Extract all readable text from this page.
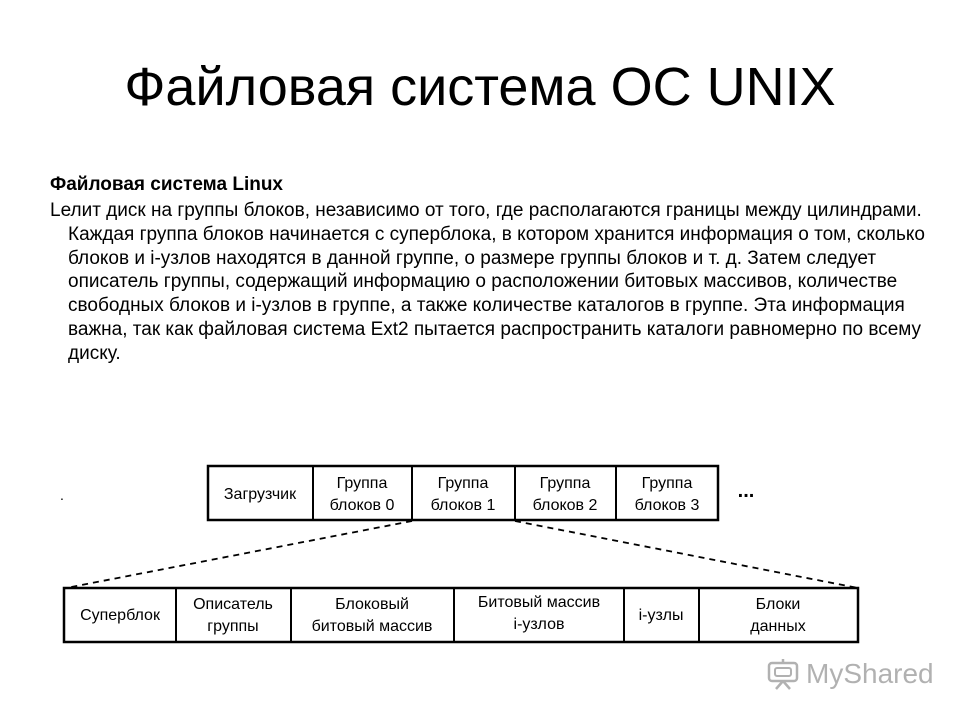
Файловая система ОС UNIX
Файловая система Linux
Lелит диск на группы блоков, независимо от того, где располагаются границы между цилиндрами. Каждая группа блоков начинается с суперблока, в котором хранится информация о том, сколько блоков и i-узлов находятся в данной группе, о размере группы блоков и т. д. Затем следует описатель группы, содержащий информацию о расположении битовых массивов, количестве свободных блоков и i-узлов в группе, а также количестве каталогов в группе. Эта информация важна, так как файловая система Ext2 пытается распространить каталоги равномерно по всему диску.
.	Загрузчик
Группа
блоков 0
Группа
блоков 1
Группа
блоков 2
Группа
блоков 3
...
Суперблок
Описатель
группы
Блоковый
битовый массив
Битовый массив
i-узлов
i-узлы
Блоки
данных
MyShared
